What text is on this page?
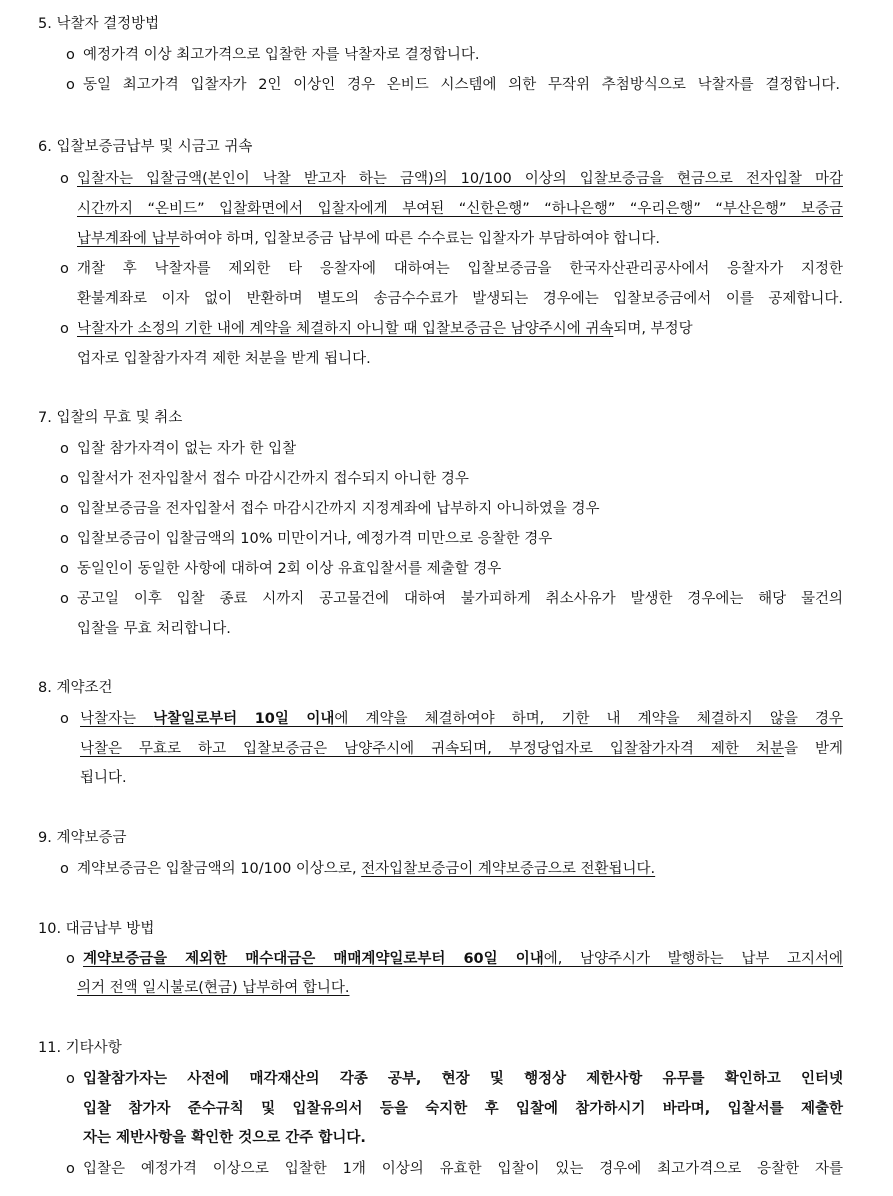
5. 낙찰자 결정방법
o 예정가격 이상 최고가격으로 입찰한 자를 낙찰자로 결정합니다.
o 동일 최고가격 입찰자가 2인 이상인 경우 온비드 시스템에 의한 무작위 추첨방식으로 낙찰자를 결정합니다.
6. 입찰보증금납부 및 시금고 귀속
o 입찰자는 입찰금액(본인이 낙찰 받고자 하는 금액)의 10/100 이상의 입찰보증금을 현금으로 전자입찰 마감
시간까지 “온비드” 입찰화면에서 입찰자에게 부여된 “신한은행” “하나은행” “우리은행” “부산은행” 보증금
납부계좌에 납부하여야 하며, 입찰보증금 납부에 따른 수수료는 입찰자가 부담하여야 합니다.
o 개찰 후 낙찰자를 제외한 타 응찰자에 대하여는 입찰보증금을 한국자산관리공사에서 응찰자가 지정한
환불계좌로 이자 없이 반환하며 별도의 송금수수료가 발생되는 경우에는 입찰보증금에서 이를 공제합니다.
o 낙찰자가 소정의 기한 내에 계약을 체결하지 아니할 때 입찰보증금은 남양주시에 귀속되며, 부정당
업자로 입찰참가자격 제한 처분을 받게 됩니다.
7. 입찰의 무효 및 취소
o 입찰 참가자격이 없는 자가 한 입찰
o 입찰서가 전자입찰서 접수 마감시간까지 접수되지 아니한 경우
o 입찰보증금을 전자입찰서 접수 마감시간까지 지정계좌에 납부하지 아니하였을 경우
o 입찰보증금이 입찰금액의 10% 미만이거나, 예정가격 미만으로 응찰한 경우
o 동일인이 동일한 사항에 대하여 2회 이상 유효입찰서를 제출할 경우
o 공고일 이후 입찰 종료 시까지 공고물건에 대하여 불가피하게 취소사유가 발생한 경우에는 해당 물건의
입찰을 무효 처리합니다.
8. 계약조건
o 낙찰자는 낙찰일로부터 10일 이내에 계약을 체결하여야 하며, 기한 내 계약을 체결하지 않을 경우
낙찰은 무효로 하고 입찰보증금은 남양주시에 귀속되며, 부정당업자로 입찰참가자격 제한 처분을 받게
됩니다.
9. 계약보증금
o 계약보증금은 입찰금액의 10/100 이상으로, 전자입찰보증금이 계약보증금으로 전환됩니다.
10. 대금납부 방법
o 계약보증금을 제외한 매수대금은 매매계약일로부터 60일 이내에, 남양주시가 발행하는 납부 고지서에
의거 전액 일시불로(현금) 납부하여 합니다.
11. 기타사항
o 입찰참가자는 사전에 매각재산의 각종 공부, 현장 및 행정상 제한사항 유무를 확인하고 인터넷
입찰 참가자 준수규칙 및 입찰유의서 등을 숙지한 후 입찰에 참가하시기 바라며, 입찰서를 제출한
자는 제반사항을 확인한 것으로 간주 합니다.
o 입찰은 예정가격 이상으로 입찰한 1개 이상의 유효한 입찰이 있는 경우에 최고가격으로 응찰한 자를
